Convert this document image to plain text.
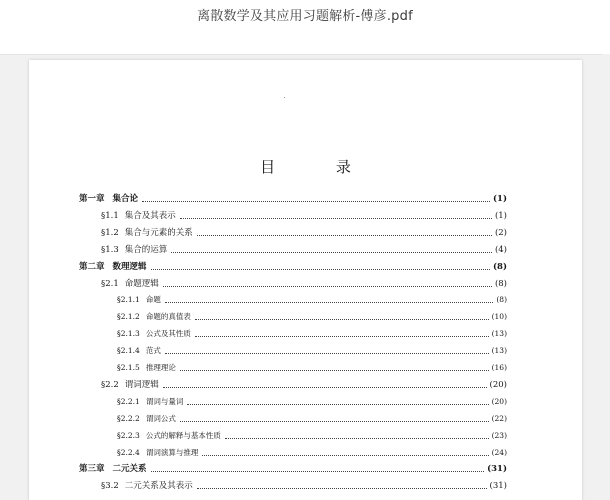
离散数学及其应用习题解析-傅彦.pdf
目 录
第一章 集合论	(1)
§1.1 集合及其表示	(1)
§1.2 集合与元素的关系	(2)
§1.3 集合的运算	(4)
第二章 数理逻辑	(8)
§2.1 命题逻辑	(8)
§2.1.1 命题	(8)
§2.1.2 命题的真值表	(10)
§2.1.3 公式及其性质	(13)
§2.1.4 范式	(13)
§2.1.5 推理理论	(16)
§2.2 谓词逻辑	(20)
§2.2.1 谓词与量词	(20)
§2.2.2 谓词公式	(22)
§2.2.3 公式的解释与基本性质	(23)
§2.2.4 谓词演算与推理	(24)
第三章 二元关系	(31)
§3.2 二元关系及其表示	(31)
